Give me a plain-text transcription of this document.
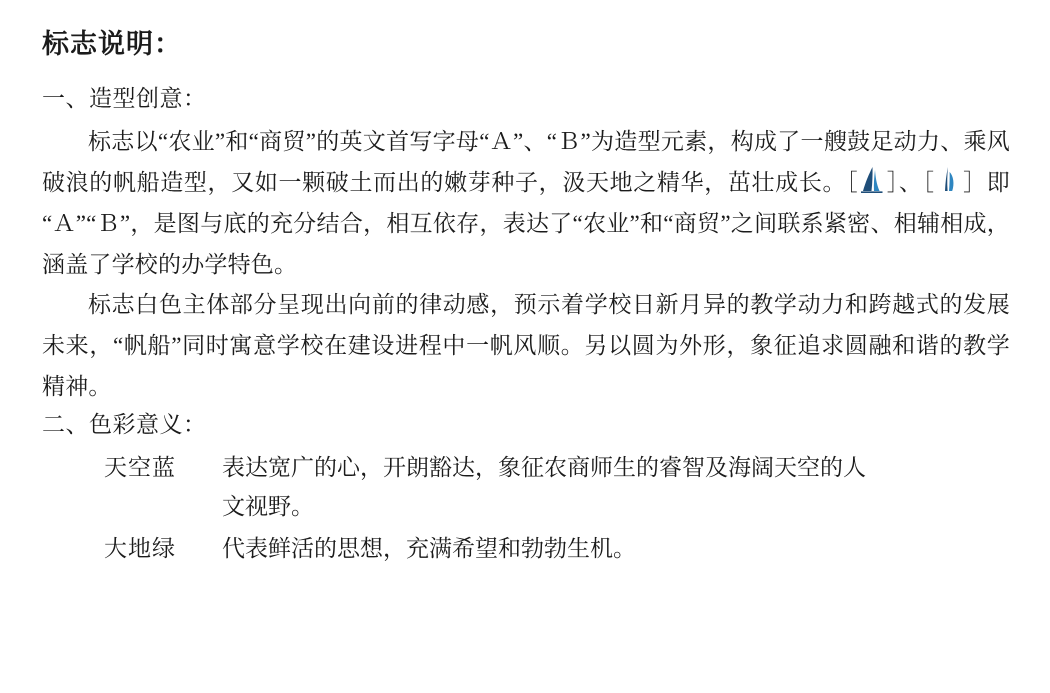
标志说明：

一、造型创意：

标志以“农业”和“商贸”的英文首写字母“Ａ”、“Ｂ”为造型元素，构成了一艘鼓足动力、乘风破浪的帆船造型，又如一颗破土而出的嫩芽种子，汲天地之精华，茁壮成长。［ ］、［ ］即“Ａ”“Ｂ”，是图与底的充分结合，相互依存，表达了“农业”和“商贸”之间联系紧密、相辅相成，涵盖了学校的办学特色。

标志白色主体部分呈现出向前的律动感，预示着学校日新月异的教学动力和跨越式的发展未来，“帆船”同时寓意学校在建设进程中一帆风顺。另以圆为外形，象征追求圆融和谐的教学精神。

二、色彩意义：

天空蓝	表达宽广的心，开朗豁达，象征农商师生的睿智及海阔天空的人
文视野。
大地绿	代表鲜活的思想，充满希望和勃勃生机。
